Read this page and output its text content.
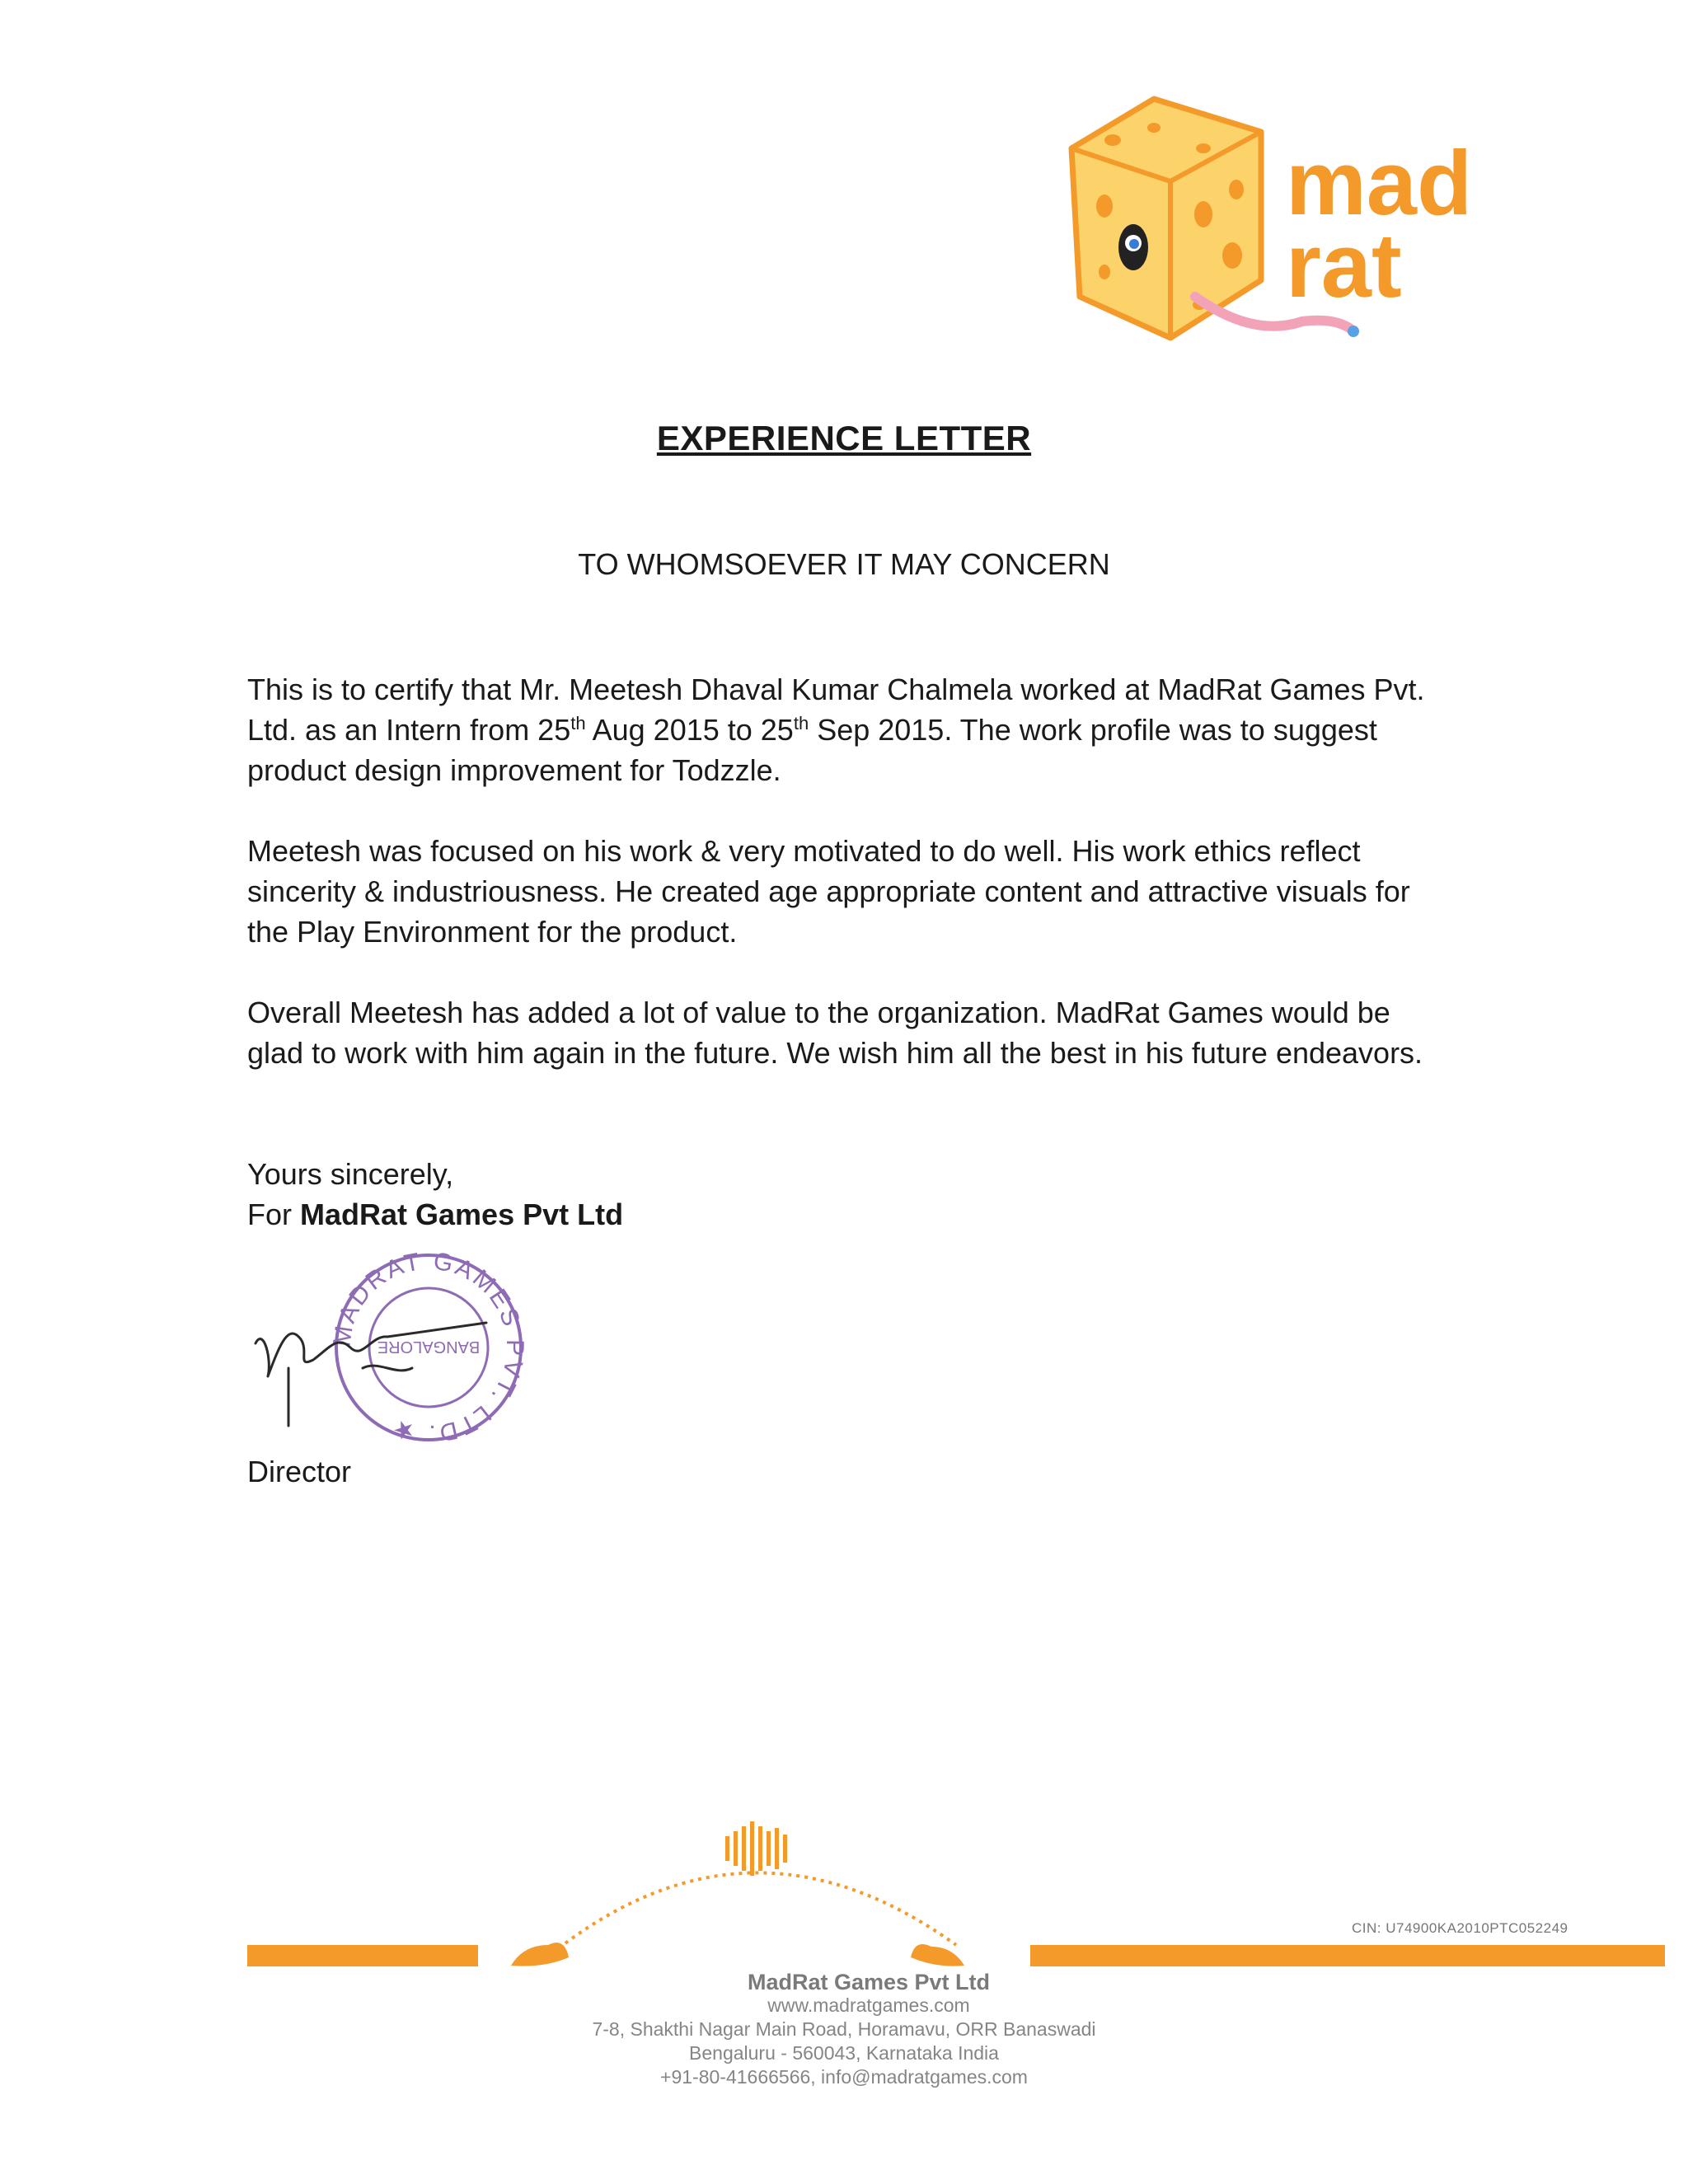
mad
rat
EXPERIENCE LETTER
TO WHOMSOEVER IT MAY CONCERN

This is to certify that Mr. Meetesh Dhaval Kumar Chalmela worked at MadRat Games Pvt. Ltd. as an Intern from 25th Aug 2015 to 25th Sep 2015. The work profile was to suggest product design improvement for Todzzle.

Meetesh was focused on his work & very motivated to do well. His work ethics reflect sincerity & industriousness. He created age appropriate content and attractive visuals for the Play Environment for the product.

Overall Meetesh has added a lot of value to the organization. MadRat Games would be glad to work with him again in the future. We wish him all the best in his future endeavors.

Yours sincerely,
For MadRat Games Pvt Ltd
MADRAT GAMES PVT. LTD. ★
BANGALORE
Director
CIN: U74900KA2010PTC052249
MadRat Games Pvt Ltd
www.madratgames.com
7-8, Shakthi Nagar Main Road, Horamavu, ORR Banaswadi
Bengaluru - 560043, Karnataka India
+91-80-41666566, info@madratgames.com
